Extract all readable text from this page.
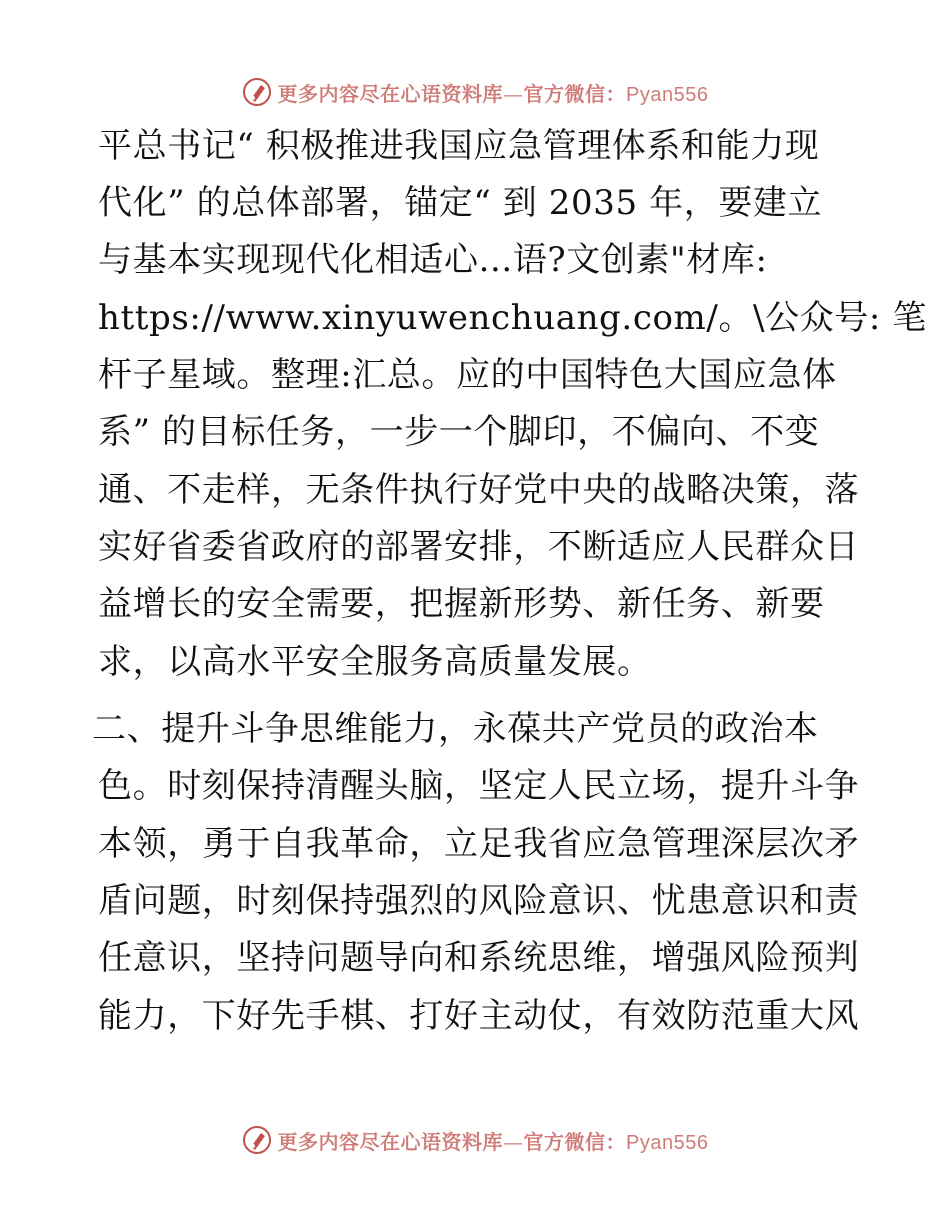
更多内容尽在心语资料库—官方微信：Pyan556
平总书记“ 积极推进我国应急管理体系和能力现
代化” 的总体部署，锚定“ 到 2035 年，要建立
与基本实现现代化相适心...语?文创素"材库:
https://www.xinyuwenchuang.com/。\公众号: 笔
杆子星域。整理:汇总。应的中国特色大国应急体
系” 的目标任务，一步一个脚印，不偏向、不变
通、不走样，无条件执行好党中央的战略决策，落
实好省委省政府的部署安排，不断适应人民群众日
益增长的安全需要，把握新形势、新任务、新要
求，以高水平安全服务高质量发展。
二、提升斗争思维能力，永葆共产党员的政治本
色。时刻保持清醒头脑，坚定人民立场，提升斗争
本领，勇于自我革命，立足我省应急管理深层次矛
盾问题，时刻保持强烈的风险意识、忧患意识和责
任意识，坚持问题导向和系统思维，增强风险预判
能力，下好先手棋、打好主动仗，有效防范重大风
更多内容尽在心语资料库—官方微信：Pyan556
